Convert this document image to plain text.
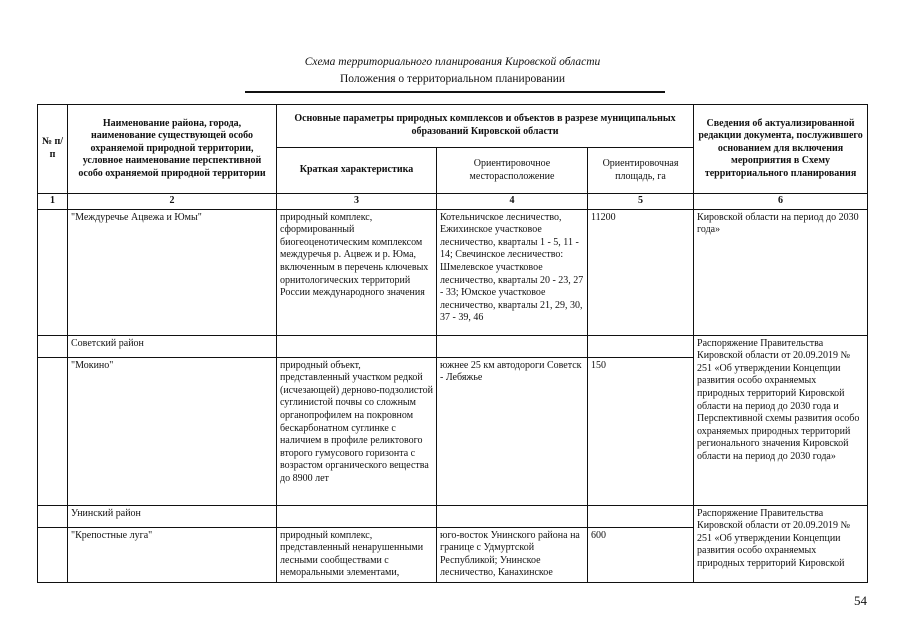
Схема территориального планирования Кировской области
Положения о территориальном планировании
№ п/п	Наименование района, города, наименование существующей особо охраняемой природной территории, условное наименование перспективной особо охраняемой природной территории	Основные параметры природных комплексов и объектов в разрезе муниципальных образований Кировской области			Сведения об актуализированной редакции документа, послужившего основанием для включения мероприятия в Схему территориального планирования
		Краткая характеристика	Ориентировочное месторасположение	Ориентировочная площадь, га	
1	2	3	4	5	6
	"Междуречье Ацвежа и Юмы"	природный комплекс, сформированный биогеоценотическим комплексом междуречья р. Ацвеж и р. Юма, включенным в перечень ключевых орнитологических территорий России международного значения	Котельничское лесничество, Ежихинское участковое лесничество, кварталы 1 - 5, 11 - 14; Свечинское лесничество: Шмелевское участковое лесничество, кварталы 20 - 23, 27 - 33; Юмское участковое лесничество, кварталы 21, 29, 30, 37 - 39, 46	11200	Кировской области на период до 2030 года»
	Советский район				Распоряжение Правительства Кировской области от 20.09.2019 № 251 «Об утверждении Концепции развития особо охраняемых природных территорий Кировской области на период до 2030 года и Перспективной схемы развития особо охраняемых природных территорий регионального значения Кировской области на период до 2030 года»
	"Мокино"	природный объект, представленный участком редкой (исчезающей) дерново-подзолистой суглинистой почвы со сложным органопрофилем на покровном бескарбонатном суглинке с наличием в профиле реликтового второго гумусового горизонта с возрастом органического вещества до 8900 лет	южнее 25 км автодороги Советск - Лебяжье	150	
	Унинский район				Распоряжение Правительства Кировской области от 20.09.2019 № 251 «Об утверждении Концепции развития особо охраняемых природных территорий Кировской
	"Крепостные луга"	природный комплекс, представленный ненарушенными лесными сообществами с неморальными элементами,	юго-восток Унинского района на границе с Удмуртской Республикой; Унинское лесничество, Канахинское	600	
54
